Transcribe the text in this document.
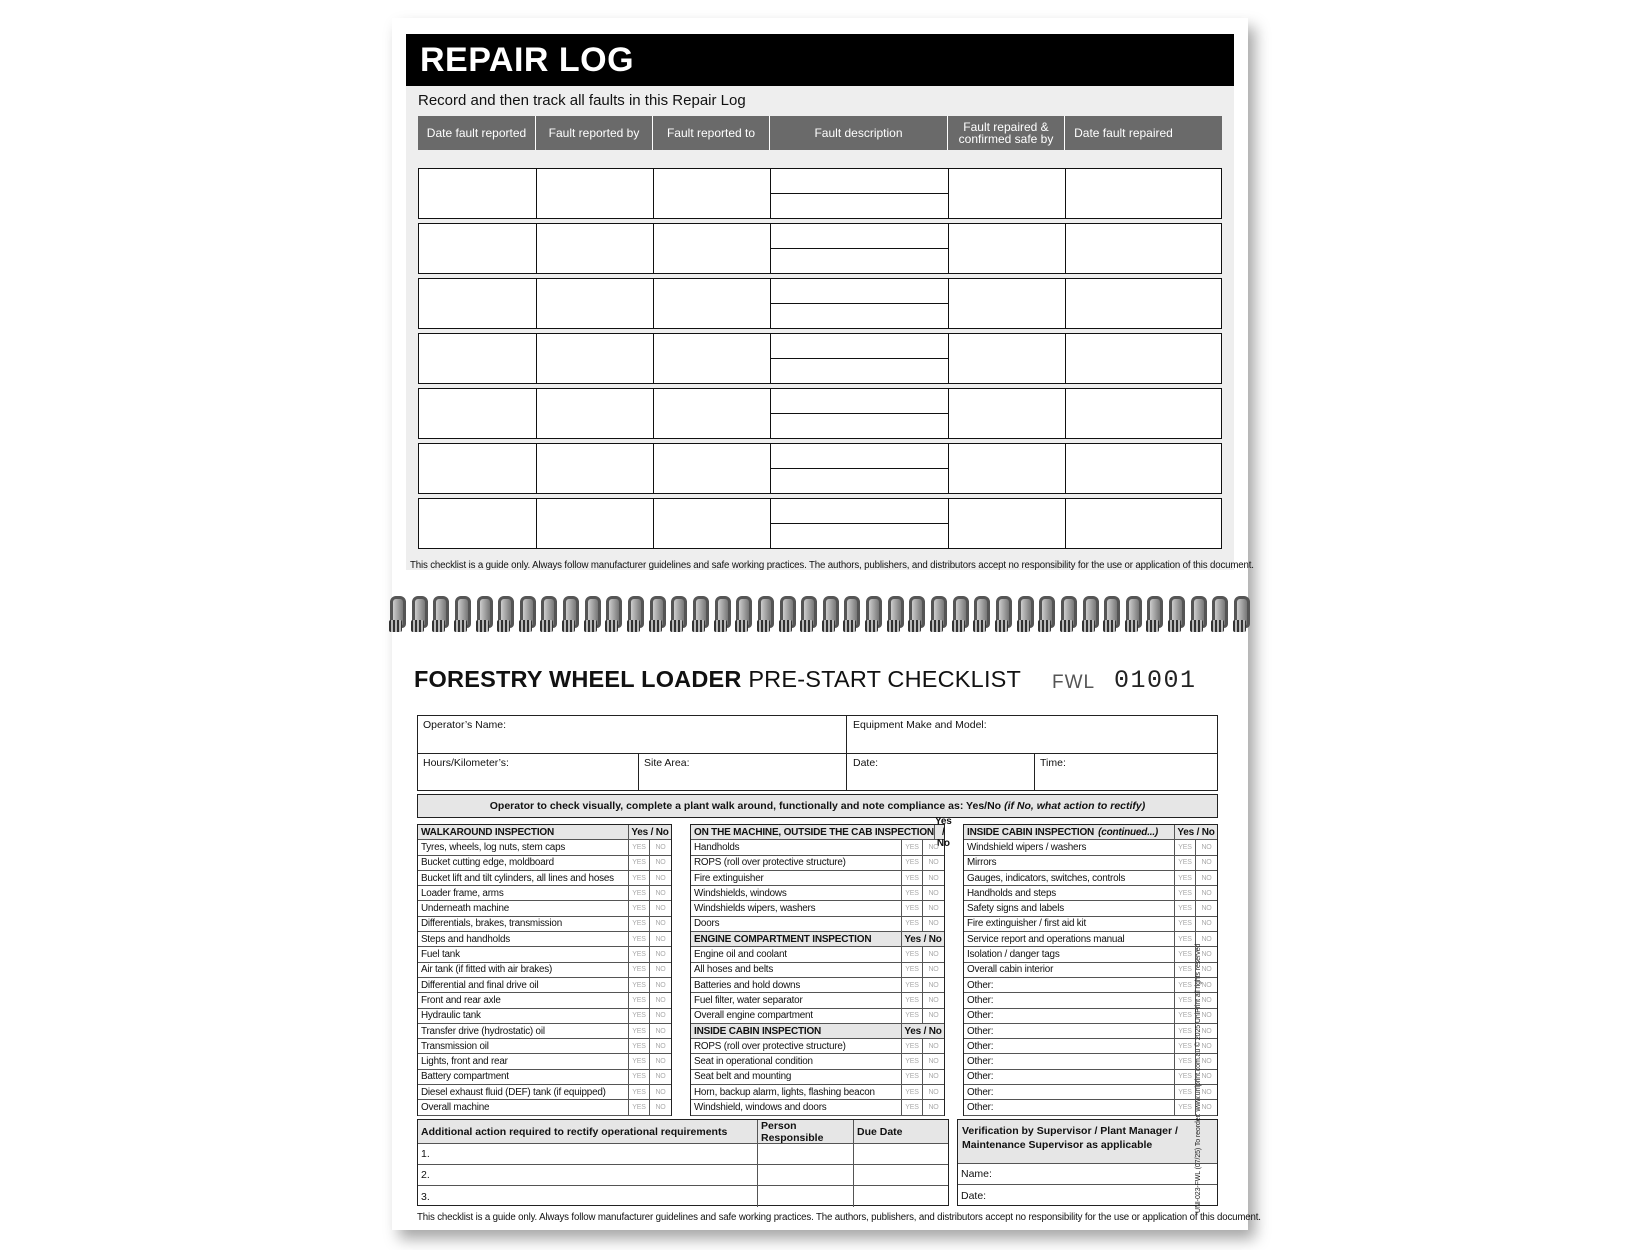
REPAIR LOG
Record and then track all faults in this Repair Log
Date fault reported	Fault reported by	Fault reported to	Fault description	Fault repaired & confirmed safe by	Date fault repaired
This checklist is a guide only. Always follow manufacturer guidelines and safe working practices. The authors, publishers, and distributors accept no responsibility for the use or application of this document.
FORESTRY WHEEL LOADER PRE-START CHECKLIST FWL 01001
Operator’s Name:	Equipment Make and Model:
Hours/Kilometer’s:	Site Area:	Date:	Time:
Operator to check visually, complete a plant walk around, functionally and note compliance as: Yes/No (if No, what action to rectify)
WALKAROUND INSPECTION	Yes / No
Tyres, wheels, log nuts, stem caps	YES	NO
Bucket cutting edge, moldboard	YES	NO
Bucket lift and tilt cylinders, all lines and hoses	YES	NO
Loader frame, arms	YES	NO
Underneath machine	YES	NO
Differentials, brakes, transmission	YES	NO
Steps and handholds	YES	NO
Fuel tank	YES	NO
Air tank (if fitted with air brakes)	YES	NO
Differential and final drive oil	YES	NO
Front and rear axle	YES	NO
Hydraulic tank	YES	NO
Transfer drive (hydrostatic) oil	YES	NO
Transmission oil	YES	NO
Lights, front and rear	YES	NO
Battery compartment	YES	NO
Diesel exhaust fluid (DEF) tank (if equipped)	YES	NO
Overall machine	YES	NO
ON THE MACHINE, OUTSIDE THE CAB INSPECTION
Yes / No
Handholds	YES	NO
ROPS (roll over protective structure)	YES	NO
Fire extinguisher	YES	NO
Windshields, windows	YES	NO
Windshields wipers, washers	YES	NO
Doors	YES	NO
ENGINE COMPARTMENT INSPECTION	Yes / No
Engine oil and coolant	YES	NO
All hoses and belts	YES	NO
Batteries and hold downs	YES	NO
Fuel filter, water separator	YES	NO
Overall engine compartment	YES	NO
INSIDE CABIN INSPECTION	Yes / No
ROPS (roll over protective structure)	YES	NO
Seat in operational condition	YES	NO
Seat belt and mounting	YES	NO
Horn, backup alarm, lights, flashing beacon	YES	NO
Windshield, windows and doors	YES	NO
INSIDE CABIN INSPECTION (continued...) Yes / No
Windshield wipers / washers	YES	NO
Mirrors	YES	NO
Gauges, indicators, switches, controls	YES	NO
Handholds and steps	YES	NO
Safety signs and labels	YES	NO
Fire extinguisher / first aid kit	YES	NO
Service report and operations manual	YES	NO
Isolation / danger tags	YES	NO
Overall cabin interior	YES	NO
Other:	YES	NO
Other:	YES	NO
Other:	YES	NO
Other:	YES	NO
Other:	YES	NO
Other:	YES	NO
Other:	YES	NO
Other:	YES	NO
Other:	YES	NO
Additional action required to rectify operational requirements	Person Responsible	Due Date
1.
2.
3.
Verification by Supervisor / Plant Manager / Maintenance Supervisor as applicable
Name:
Date:
This checklist is a guide only. Always follow manufacturer guidelines and safe working practices. The authors, publishers, and distributors accept no responsibility for the use or application of this document.
UNI-023-FWL (07/25) To reorder: www.uniprint.com.au © 2025 UniPrint all rights reserved
